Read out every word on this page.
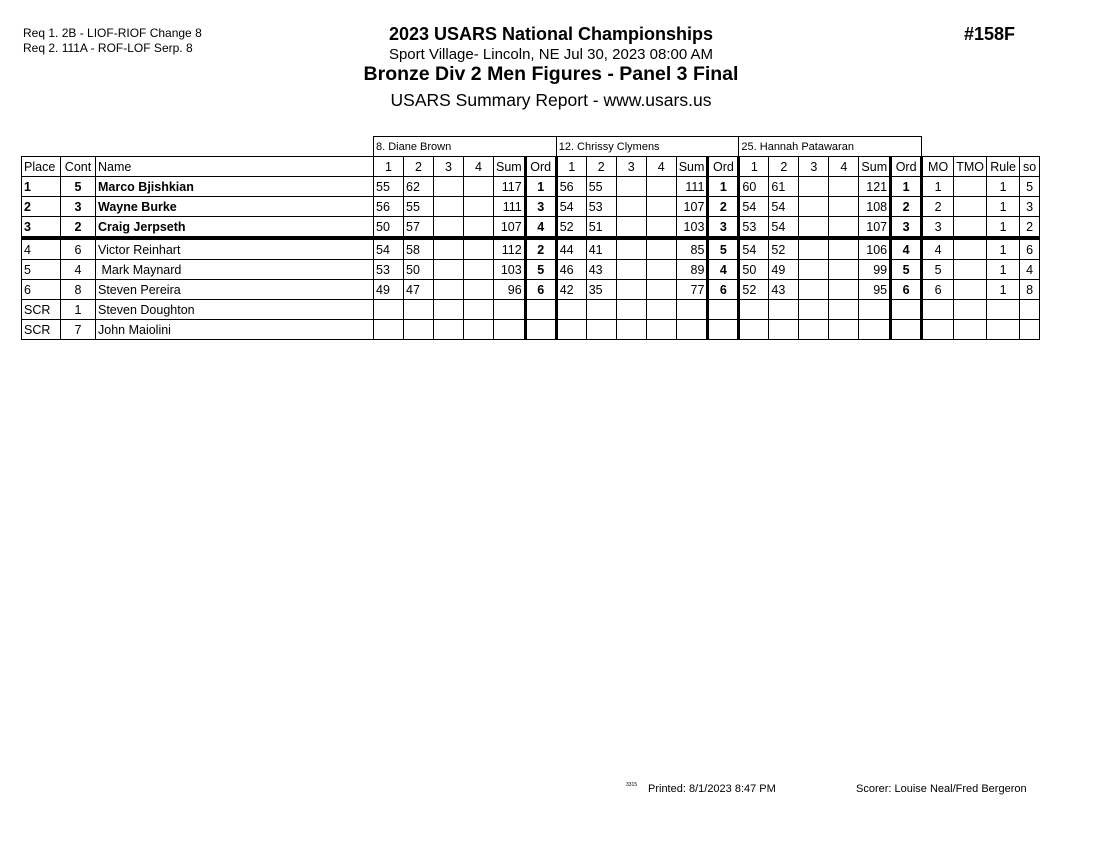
Req 1. 2B - LIOF-RIOF Change 8
Req 2. 111A - ROF-LOF Serp. 8
2023 USARS National Championships
Sport Village- Lincoln, NE Jul 30, 2023 08:00 AM
Bronze Div 2 Men Figures - Panel 3 Final
USARS Summary Report - www.usars.us
#158F
			8. Diane Brown						12. Chrissy Clymens						25. Hannah Patawaran									
Place	Cont	Name	1	2	3	4	Sum	Ord	1	2	3	4	Sum	Ord	1	2	3	4	Sum	Ord	MO	TMO	Rule	so
1	5	Marco Bjishkian	55	62			117	1	56	55			111	1	60	61			121	1	1		1	5
2	3	Wayne Burke	56	55			111	3	54	53			107	2	54	54			108	2	2		1	3
3	2	Craig Jerpseth	50	57			107	4	52	51			103	3	53	54			107	3	3		1	2
4	6	Victor Reinhart	54	58			112	2	44	41			85	5	54	52			106	4	4		1	6
5	4	Mark Maynard	53	50			103	5	46	43			89	4	50	49			99	5	5		1	4
6	8	Steven Pereira	49	47			96	6	42	35			77	6	52	43			95	6	6		1	8
SCR	1	Steven Doughton																						
SCR	7	John Maiolini																						
3315 Printed: 8/1/2023 8:47 PM	Scorer: Louise Neal/Fred Bergeron
